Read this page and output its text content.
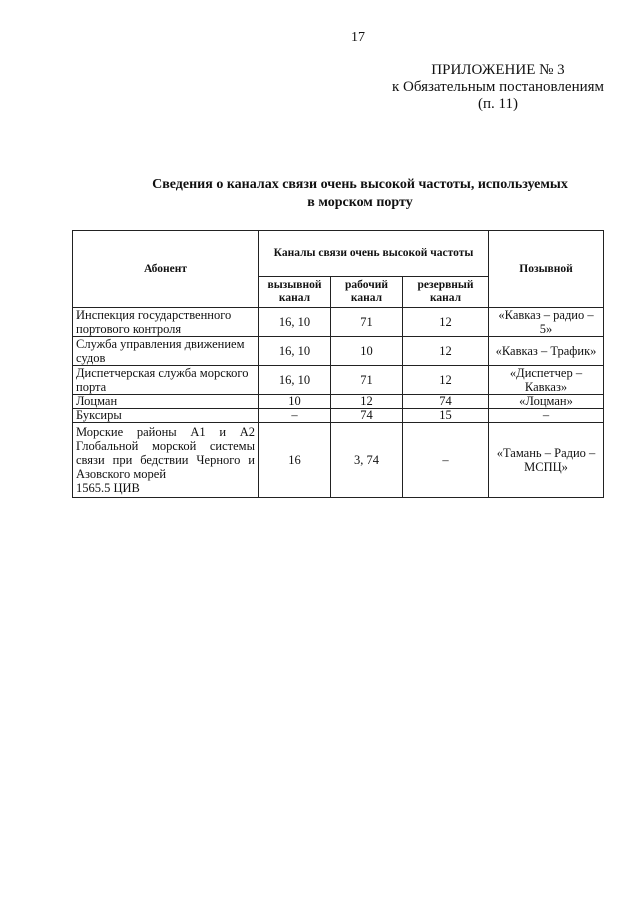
17
ПРИЛОЖЕНИЕ № 3
к Обязательным постановлениям
(п. 11)
Сведения о каналах связи очень высокой частоты, используемых
в морском порту
Абонент	Каналы связи очень высокой частоты			Позывной
	вызывной канал	рабочий канал	резервный канал	
Инспекция государственного портового контроля	16, 10	71	12	«Кавказ – радио – 5»
Служба управления движением судов	16, 10	10	12	«Кавказ – Трафик»
Диспетчерская служба морского порта	16, 10	71	12	«Диспетчер – Кавказ»
Лоцман	10	12	74	«Лоцман»
Буксиры	–	74	15	–

Морские районы А1 и А2 Глобальной морской системы связи при бедствии Черного и Азовского морей
1565.5 ЦИВ	16	3, 74	–	«Тамань – Радио – МСПЦ»
